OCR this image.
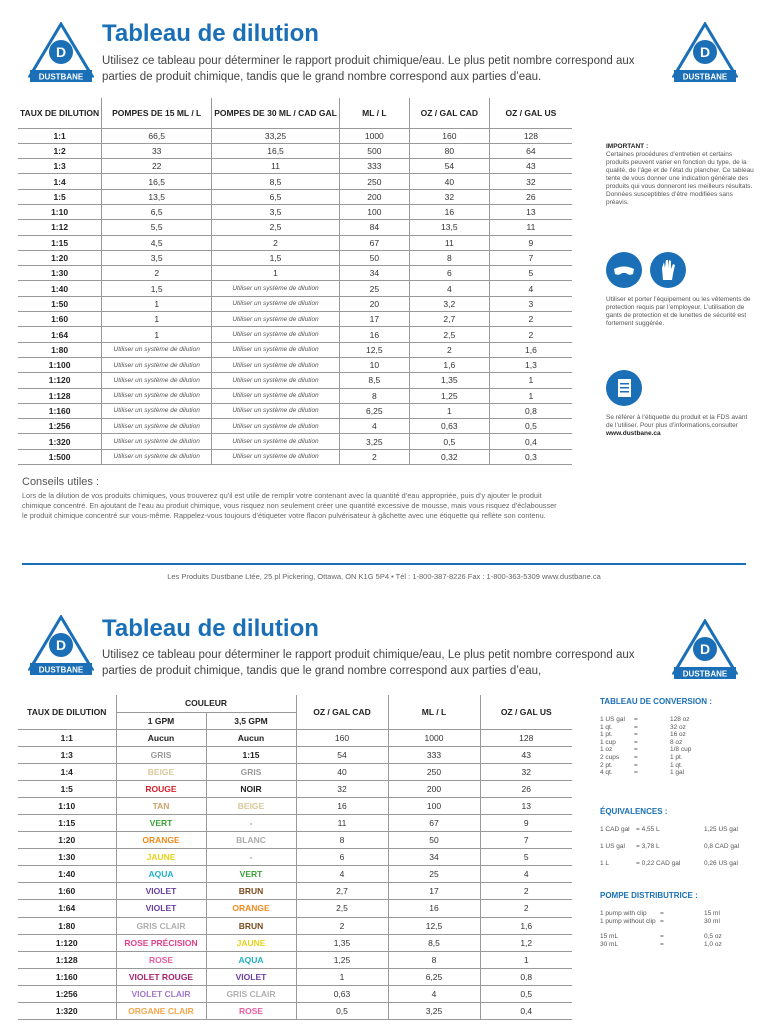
D
DUSTBANE
D
DUSTBANE
D
DUSTBANE
D
DUSTBANE
Tableau de dilution
Utilisez ce tableau pour déterminer le rapport produit chimique/eau. Le plus petit nombre correspond aux parties de produit chimique, tandis que le grand nombre correspond aux parties d’eau.
TAUX DE DILUTION	POMPES DE 15 ML / L	POMPES DE 30 ML / CAD GAL	ML / L	OZ / GAL CAD	OZ / GAL US
1:1	66,5	33,25	1000	160	128
1:2	33	16,5	500	80	64
1:3	22	11	333	54	43
1:4	16,5	8,5	250	40	32
1:5	13,5	6,5	200	32	26
1:10	6,5	3,5	100	16	13
1:12	5,5	2,5	84	13,5	11
1:15	4,5	2	67	11	9
1:20	3,5	1,5	50	8	7
1:30	2	1	34	6	5
1:40	1,5	Utiliser un système de dilution	25	4	4
1:50	1	Utiliser un système de dilution	20	3,2	3
1:60	1	Utiliser un système de dilution	17	2,7	2
1:64	1	Utiliser un système de dilution	16	2,5	2
1:80	Utiliser un système de dilution	Utiliser un système de dilution	12,5	2	1,6
1:100	Utiliser un système de dilution	Utiliser un système de dilution	10	1,6	1,3
1:120	Utiliser un système de dilution	Utiliser un système de dilution	8,5	1,35	1
1:128	Utiliser un système de dilution	Utiliser un système de dilution	8	1,25	1
1:160	Utiliser un système de dilution	Utiliser un système de dilution	6,25	1	0,8
1:256	Utiliser un système de dilution	Utiliser un système de dilution	4	0,63	0,5
1:320	Utiliser un système de dilution	Utiliser un système de dilution	3,25	0,5	0,4
1:500	Utiliser un système de dilution	Utiliser un système de dilution	2	0,32	0,3
IMPORTANT :
Certaines procédures d’entretien et certains produits peuvent varier en fonction du type, de la qualité, de l’âge et de l’état du plancher. Ce tableau tente de vous donner une indication générale des produits qui vous donneront les meilleurs résultats. Données susceptibles d’être modifiées sans préavis.
Utiliser et porter l’équipement ou les vêtements de protection requis par l’employeur. L’utilisation de gants de protection et de lunettes de sécurité est fortement suggérée.
Se référer à l’étiquette du produit et la FDS avant de l’utiliser. Pour plus d’informations,consulter
www.dustbane.ca
Conseils utiles :
Lors de la dilution de vos produits chimiques, vous trouverez qu’il est utile de remplir votre contenant avec la quantité d’eau appropriée, puis d’y ajouter le produit chimique concentré. En ajoutant de l’eau au produit chimique, vous risquez non seulement créer une quantité excessive de mousse, mais vous risquez d’éclabousser le produit chimique concentré sur vous-même. Rappelez-vous toujours d’étiqueter votre flacon pulvérisateur à gâchette avec une étiquette qui reflète son contenu.
Les Produits Dustbane Ltée, 25 pl Pickering, Ottawa, ON K1G 5P4 • Tél : 1-800-387-8226 Fax : 1-800-363-5309 www.dustbane.ca
Tableau de dilution
Utilisez ce tableau pour déterminer le rapport produit chimique/eau, Le plus petit nombre correspond aux parties de produit chimique, tandis que le grand nombre correspond aux parties d’eau,
TAUX DE DILUTION	COULEUR		OZ / GAL CAD	ML / L	OZ / GAL US
	1 GPM	3,5 GPM			
1:1	Aucun	Aucun	160	1000	128
1:3	GRIS	1:15	54	333	43
1:4	BEIGE	GRIS	40	250	32
1:5	ROUGE	NOIR	32	200	26
1:10	TAN	BEIGE	16	100	13
1:15	VERT	-	11	67	9
1:20	ORANGE	BLANC	8	50	7
1:30	JAUNE	-	6	34	5
1:40	AQUA	VERT	4	25	4
1:60	VIOLET	BRUN	2,7	17	2
1:64	VIOLET	ORANGE	2,5	16	2
1:80	GRIS CLAIR	BRUN	2	12,5	1,6
1:120	ROSE PRÉCISION	JAUNE	1,35	8,5	1,2
1:128	ROSE	AQUA	1,25	8	1
1:160	VIOLET ROUGE	VIOLET	1	6,25	0,8
1:256	VIOLET CLAIR	GRIS CLAIR	0,63	4	0,5
1:320	ORGANE CLAIR	ROSE	0,5	3,25	0,4
TABLEAU DE CONVERSION :
1 US gal	=	128 oz
1 qt.	=	32 oz
1 pt.	=	16 oz
1 cup	=	8 oz
1 oz	=	1/8 cup
2 cups	=	1 pt.
2 pt.	=	1 qt.
4 qt.	=	1 gal
ÉQUIVALENCES :
1 CAD gal = 4,55 L	1,25 US gal
1 US gal	= 3,78 L	0,8 CAD gal
1 L	= 0,22 CAD gal	0,26 US gal
POMPE DISTRIBUTRICE :
1 pump with clip	=	15 ml
1 pump without clip =	30 ml
15 mL	=	0,5 oz
30 mL	=	1,0 oz
